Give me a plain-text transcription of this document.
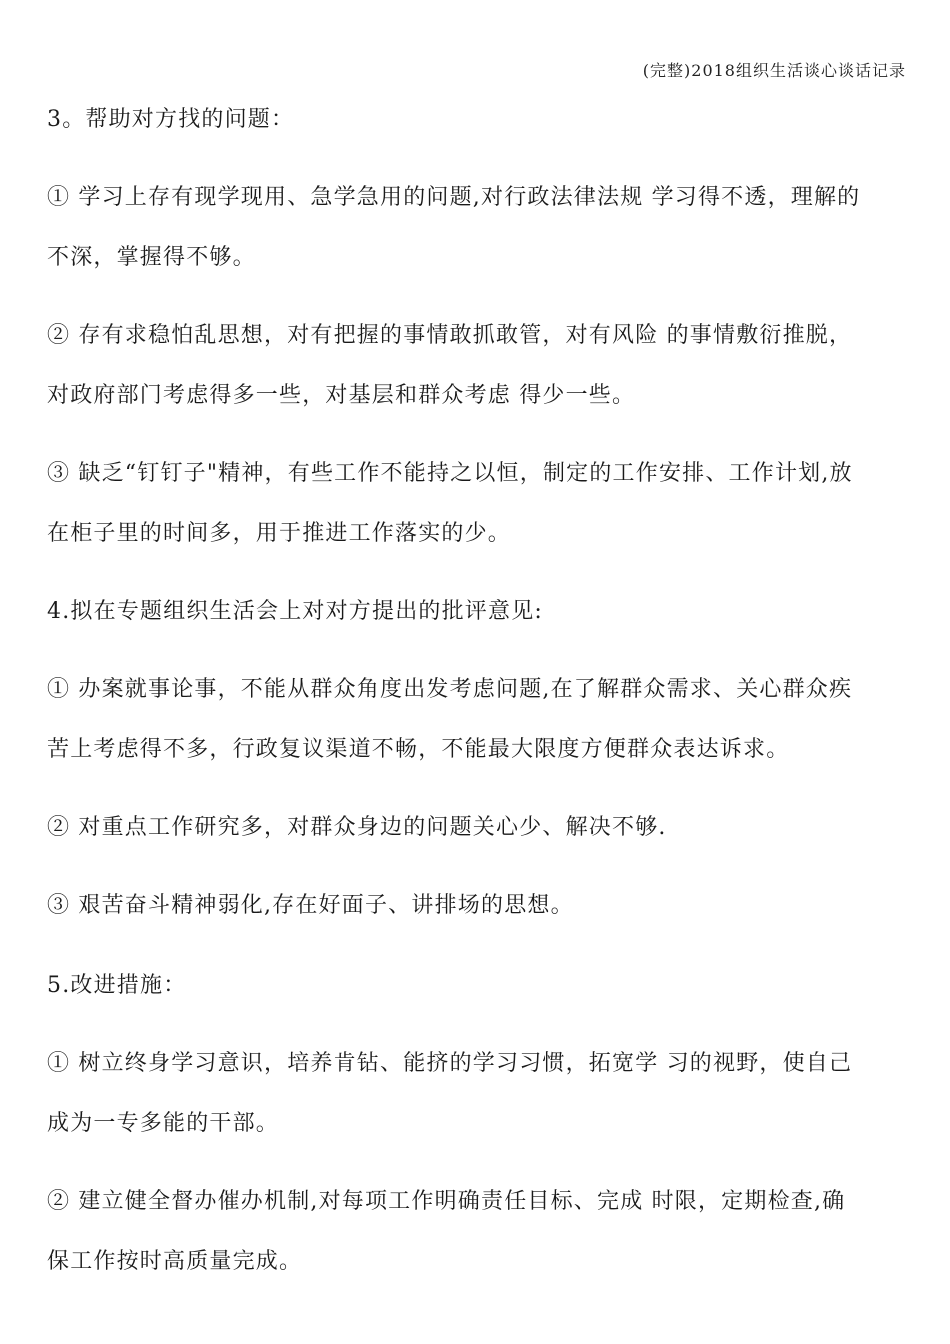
(完整)2018组织生活谈心谈话记录
3。帮助对方找的问题：
① 学习上存有现学现用、急学急用的问题,对行政法律法规 学习得不透，理解的
不深，掌握得不够。
② 存有求稳怕乱思想，对有把握的事情敢抓敢管，对有风险 的事情敷衍推脱，
对政府部门考虑得多一些，对基层和群众考虑 得少一些。
③ 缺乏“钉钉子"精神，有些工作不能持之以恒，制定的工作安排、工作计划,放
在柜子里的时间多，用于推进工作落实的少。
4.拟在专题组织生活会上对对方提出的批评意见:
① 办案就事论事，不能从群众角度出发考虑问题,在了解群众需求、关心群众疾
苦上考虑得不多，行政复议渠道不畅，不能最大限度方便群众表达诉求。
② 对重点工作研究多，对群众身边的问题关心少、解决不够.
③ 艰苦奋斗精神弱化,存在好面子、讲排场的思想。
5.改进措施：
① 树立终身学习意识，培养肯钻、能挤的学习习惯，拓宽学 习的视野，使自己
成为一专多能的干部。
② 建立健全督办催办机制,对每项工作明确责任目标、完成 时限，定期检查,确
保工作按时高质量完成。
